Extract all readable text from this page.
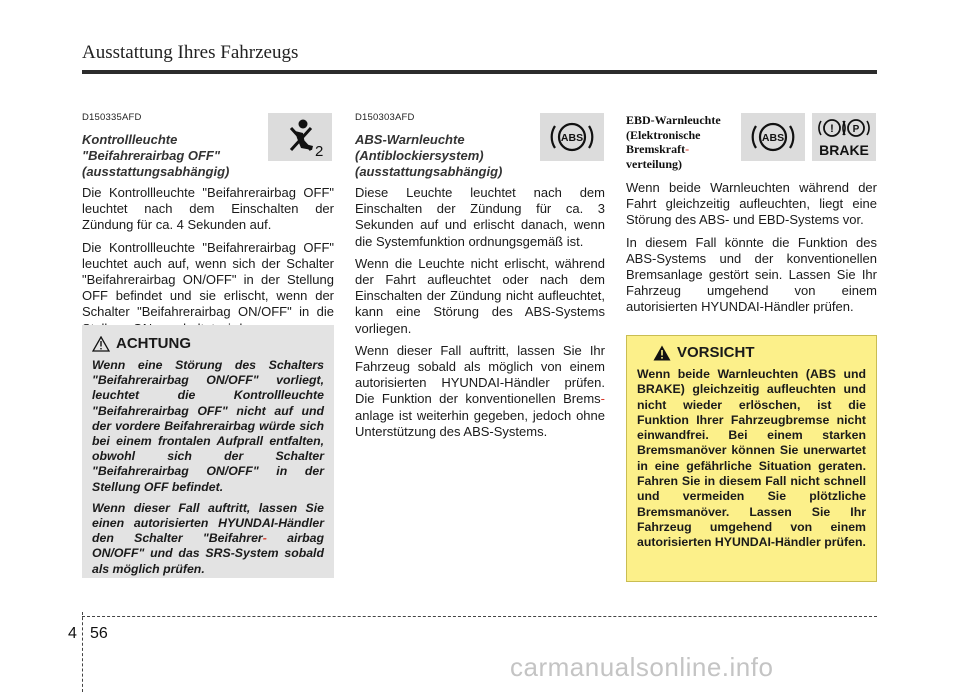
Ausstattung Ihres Fahrzeugs
D150335AFD
Kontrollleuchte
"Beifahrerairbag OFF"
(ausstattungsabhängig)

Die Kontrollleuchte "Beifahrerairbag OFF" leuchtet nach dem Einschalten der Zündung für ca. 4 Sekunden auf.

Die Kontrollleuchte "Beifahrerairbag OFF" leuchtet auch auf, wenn sich der Schalter "Beifahrerairbag ON/OFF" in der Stellung OFF befindet und sie erlischt, wenn der Schalter "Beifahrerairbag ON/OFF" in die

2
ACHTUNG

Wenn eine Störung des Schalters "Beifahrerairbag ON/OFF" vorliegt, leuchtet die Kontrollleuchte "Beifahrerairbag OFF" nicht auf und der vordere Beifahrerairbag würde sich bei einem frontalen Aufprall entfalten, obwohl sich der Schalter "Beifahrerairbag ON/OFF" in der Stellung OFF befindet.

Wenn dieser Fall auftritt, lassen Sie einen autorisierten HYUNDAI-Händler den Schalter "Beifahrer- airbag ON/OFF" und das SRS-System sobald als möglich prüfen.

D150303AFD
ABS-Warnleuchte
(Antiblockiersystem)
(ausstattungsabhängig)

Diese Leuchte leuchtet nach dem Einschalten der Zündung für ca. 3 Sekunden auf und erlischt danach, wenn die Systemfunktion ordnungsgemäß ist.

Wenn die Leuchte nicht erlischt, während der Fahrt aufleuchtet oder nach dem Einschalten der Zündung nicht aufleuchtet, kann eine Störung des ABS-Systems vorliegen.

Wenn dieser Fall auftritt, lassen Sie Ihr Fahrzeug sobald als möglich von einem autorisierten HYUNDAI-Händler prüfen. Die Funktion der konventionellen Brems- anlage ist weiterhin gegeben, jedoch ohne Unterstützung des ABS-Systems.

ABS
EBD-Warnleuchte
(Elektronische
Bremskraft-
verteilung)
ABS
! P
BRAKE

Wenn beide Warnleuchten während der Fahrt gleichzeitig aufleuchten, liegt eine Störung des ABS- und EBD-Systems vor.

In diesem Fall könnte die Funktion des ABS-Systems und der konventionellen Bremsanlage gestört sein. Lassen Sie Ihr Fahrzeug umgehend von einem autorisierten HYUNDAI-Händler prüfen.

VORSICHT

Wenn beide Warnleuchten (ABS und BRAKE) gleichzeitig aufleuchten und nicht wieder erlöschen, ist die Funktion Ihrer Fahrzeugbremse nicht einwandfrei. Bei einem starken Bremsmanöver können Sie unerwartet in eine gefährliche Situation geraten. Fahren Sie in diesem Fall nicht schnell und vermeiden Sie plötzliche Bremsmanöver. Lassen Sie Ihr Fahrzeug umgehend von einem autorisierten HYUNDAI-Händler prüfen.

4 56
carmanualsonline.info
